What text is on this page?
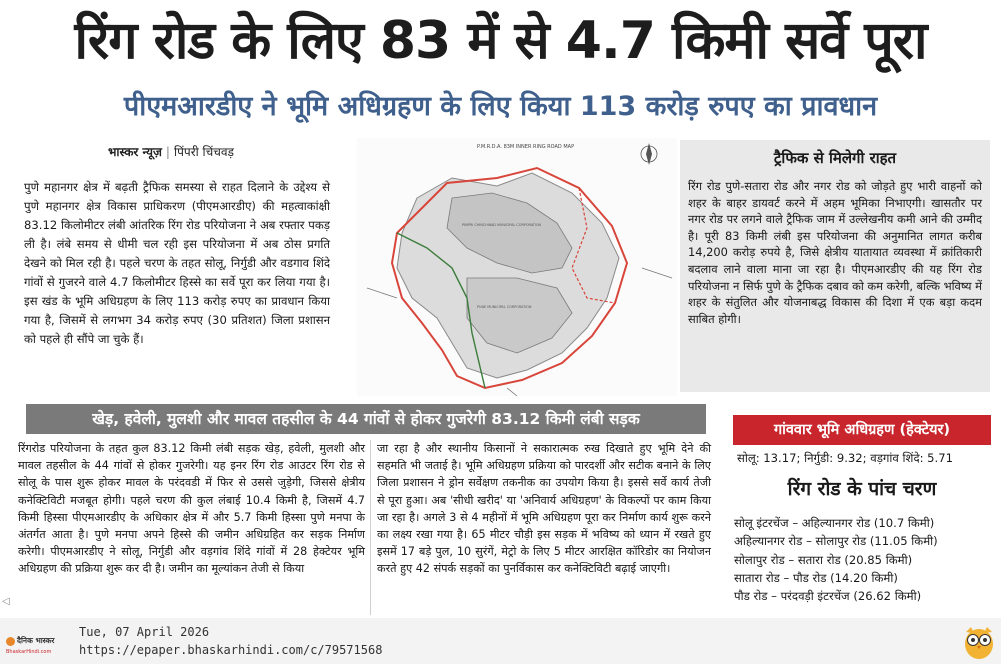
रिंग रोड के लिए 83 में से 4.7 किमी सर्वे पूरा
पीएमआरडीए ने भूमि अधिग्रहण के लिए किया 113 करोड़ रुपए का प्रावधान
भास्कर न्यूज़ | पिंपरी चिंचवड़

पुणे महानगर क्षेत्र में बढ़ती ट्रैफिक समस्या से राहत दिलाने के उद्देश्य से पुणे महानगर क्षेत्र विकास प्राधिकरण (पीएमआरडीए) की महत्वाकांक्षी 83.12 किलोमीटर लंबी आंतरिक रिंग रोड परियोजना ने अब रफ्तार पकड़ ली है। लंबे समय से धीमी चल रही इस परियोजना में अब ठोस प्रगति देखने को मिल रही है। पहले चरण के तहत सोलू, निर्गुडी और वडगाव शिंदे गांवों से गुजरने वाले 4.7 किलोमीटर हिस्से का सर्वे पूरा कर लिया गया है। इस खंड के भूमि अधिग्रहण के लिए 113 करोड़ रुपए का प्रावधान किया गया है, जिसमें से लगभग 34 करोड़ रुपए (30 प्रतिशत) जिला प्रशासन को पहले ही सौंपे जा चुके हैं।

P.M.R.D.A. 83M INNER RING ROAD MAP
PIMPRI CHINCHWAD MUNICIPAL CORPORATION
PUNE MUNICIPAL CORPORATION
ट्रैफिक से मिलेगी राहत

रिंग रोड पुणे-सतारा रोड और नगर रोड को जोड़ते हुए भारी वाहनों को शहर के बाहर डायवर्ट करने में अहम भूमिका निभाएगी। खासतौर पर नगर रोड पर लगने वाले ट्रैफिक जाम में उल्लेखनीय कमी आने की उम्मीद है। पूरी 83 किमी लंबी इस परियोजना की अनुमानित लागत करीब 14,200 करोड़ रुपये है, जिसे क्षेत्रीय यातायात व्यवस्था में क्रांतिकारी बदलाव लाने वाला माना जा रहा है। पीएमआरडीए की यह रिंग रोड परियोजना न सिर्फ पुणे के ट्रैफिक दबाव को कम करेगी, बल्कि भविष्य में शहर के संतुलित और योजनाबद्ध विकास की दिशा में एक बड़ा कदम साबित होगी।

खेड़, हवेली, मुलशी और मावल तहसील के 44 गांवों से होकर गुजरेगी 83.12 किमी लंबी सड़क

रिंगरोड परियोजना के तहत कुल 83.12 किमी लंबी सड़क खेड़, हवेली, मुलशी और मावल तहसील के 44 गांवों से होकर गुजरेगी। यह इनर रिंग रोड आउटर रिंग रोड से सोलू के पास शुरू होकर मावल के परंदवडी में फिर से उससे जुड़ेगी, जिससे क्षेत्रीय कनेक्टिविटी मजबूत होगी। पहले चरण की कुल लंबाई 10.4 किमी है, जिसमें 4.7 किमी हिस्सा पीएमआरडीए के अधिकार क्षेत्र में और 5.7 किमी हिस्सा पुणे मनपा के अंतर्गत आता है। पुणे मनपा अपने हिस्से की जमीन अधिग्रहित कर सड़क निर्माण करेगी। पीएमआरडीए ने सोलू, निर्गुडी और वड़गांव शिंदे गांवों में 28 हेक्टेयर भूमि अधिग्रहण की प्रक्रिया शुरू कर दी है। जमीन का मूल्यांकन तेजी से किया

जा रहा है और स्थानीय किसानों ने सकारात्मक रुख दिखाते हुए भूमि देने की सहमति भी जताई है। भूमि अधिग्रहण प्रक्रिया को पारदर्शी और सटीक बनाने के लिए जिला प्रशासन ने ड्रोन सर्वेक्षण तकनीक का उपयोग किया है। इससे सर्वे कार्य तेजी से पूरा हुआ। अब 'सीधी खरीद' या 'अनिवार्य अधिग्रहण' के विकल्पों पर काम किया जा रहा है। अगले 3 से 4 महीनों में भूमि अधिग्रहण पूरा कर निर्माण कार्य शुरू करने का लक्ष्य रखा गया है। 65 मीटर चौड़ी इस सड़क में भविष्य को ध्यान में रखते हुए इसमें 17 बड़े पुल, 10 सुरंगें, मेट्रो के लिए 5 मीटर आरक्षित कॉरिडोर का नियोजन करते हुए 42 संपर्क सड़कों का पुनर्विकास कर कनेक्टिविटी बढ़ाई जाएगी।

गांववार भूमि अधिग्रहण (हेक्टेयर)
सोलू: 13.17; निर्गुडी: 9.32; वड़गांव शिंदे: 5.71
रिंग रोड के पांच चरण
सोलू इंटरचेंज – अहिल्यानगर रोड (10.7 किमी)
अहिल्यानगर रोड – सोलापुर रोड (11.05 किमी)
सोलापुर रोड – सतारा रोड (20.85 किमी)
सातारा रोड – पौड रोड (14.20 किमी)
पौड रोड – परंदवड़ी इंटरचेंज (26.62 किमी)
◁
दैनिक भास्कर
BhaskarHindi.com
Tue, 07 April 2026
https://epaper.bhaskarhindi.com/c/79571568
